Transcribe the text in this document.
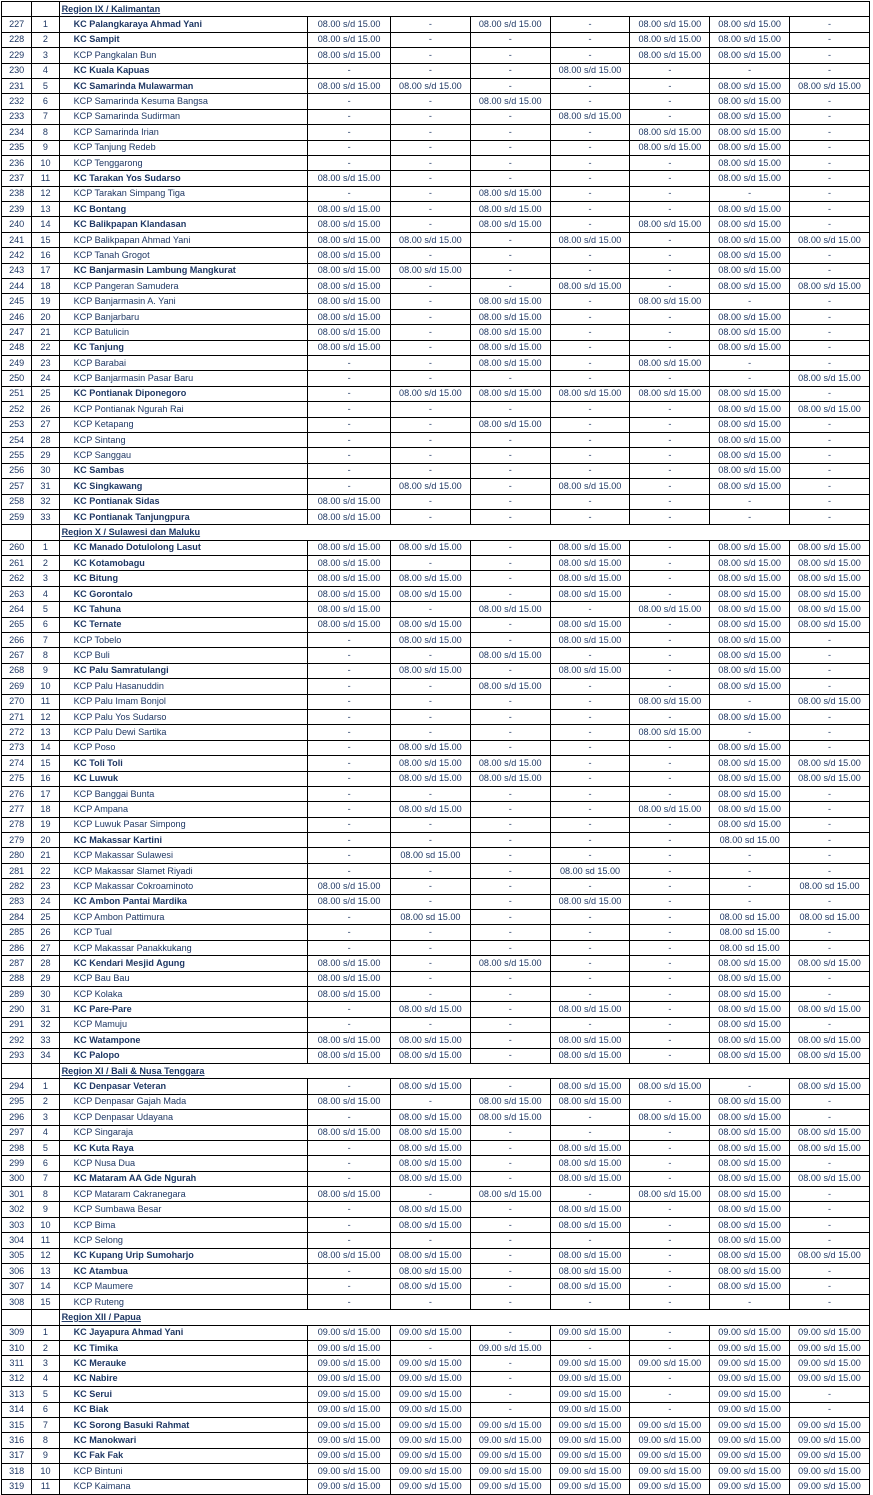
		Region IX / Kalimantan							
227	1	KC Palangkaraya Ahmad Yani	08.00 s/d 15.00	-	08.00 s/d 15.00	-	08.00 s/d 15.00	08.00 s/d 15.00	-
228	2	KC Sampit	08.00 s/d 15.00	-	-	-	08.00 s/d 15.00	08.00 s/d 15.00	-
229	3	KCP Pangkalan Bun	08.00 s/d 15.00	-	-	-	08.00 s/d 15.00	08.00 s/d 15.00	-
230	4	KC Kuala Kapuas	-	-	-	08.00 s/d 15.00	-	-	-
231	5	KC Samarinda Mulawarman	08.00 s/d 15.00	08.00 s/d 15.00	-	-	-	08.00 s/d 15.00	08.00 s/d 15.00
232	6	KCP Samarinda Kesuma Bangsa	-	-	08.00 s/d 15.00	-	-	08.00 s/d 15.00	-
233	7	KCP Samarinda Sudirman	-	-	-	08.00 s/d 15.00	-	08.00 s/d 15.00	-
234	8	KCP Samarinda Irian	-	-	-	-	08.00 s/d 15.00	08.00 s/d 15.00	-
235	9	KCP Tanjung Redeb	-	-	-	-	08.00 s/d 15.00	08.00 s/d 15.00	-
236	10	KCP Tenggarong	-	-	-	-	-	08.00 s/d 15.00	-
237	11	KC Tarakan Yos Sudarso	08.00 s/d 15.00	-	-	-	-	08.00 s/d 15.00	-
238	12	KCP Tarakan Simpang Tiga	-	-	08.00 s/d 15.00	-	-	-	-
239	13	KC Bontang	08.00 s/d 15.00	-	08.00 s/d 15.00	-	-	08.00 s/d 15.00	-
240	14	KC Balikpapan Klandasan	08.00 s/d 15.00	-	08.00 s/d 15.00	-	08.00 s/d 15.00	08.00 s/d 15.00	-
241	15	KCP Balikpapan Ahmad Yani	08.00 s/d 15.00	08.00 s/d 15.00	-	08.00 s/d 15.00	-	08.00 s/d 15.00	08.00 s/d 15.00
242	16	KCP Tanah Grogot	08.00 s/d 15.00	-	-	-	-	08.00 s/d 15.00	-
243	17	KC Banjarmasin Lambung Mangkurat	08.00 s/d 15.00	08.00 s/d 15.00	-	-	-	08.00 s/d 15.00	-
244	18	KCP Pangeran Samudera	08.00 s/d 15.00	-	-	08.00 s/d 15.00	-	08.00 s/d 15.00	08.00 s/d 15.00
245	19	KCP Banjarmasin A. Yani	08.00 s/d 15.00	-	08.00 s/d 15.00	-	08.00 s/d 15.00	-	-
246	20	KCP Banjarbaru	08.00 s/d 15.00	-	08.00 s/d 15.00	-	-	08.00 s/d 15.00	-
247	21	KCP Batulicin	08.00 s/d 15.00	-	08.00 s/d 15.00	-	-	08.00 s/d 15.00	-
248	22	KC Tanjung	08.00 s/d 15.00	-	08.00 s/d 15.00	-	-	08.00 s/d 15.00	-
249	23	KCP Barabai	-	-	08.00 s/d 15.00	-	08.00 s/d 15.00	-	-
250	24	KCP Banjarmasin Pasar Baru	-	-	-	-	-	-	08.00 s/d 15.00
251	25	KC Pontianak Diponegoro	-	08.00 s/d 15.00	08.00 s/d 15.00	08.00 s/d 15.00	08.00 s/d 15.00	08.00 s/d 15.00	-
252	26	KCP Pontianak Ngurah Rai	-	-	-	-	-	08.00 s/d 15.00	08.00 s/d 15.00
253	27	KCP Ketapang	-	-	08.00 s/d 15.00	-	-	08.00 s/d 15.00	-
254	28	KCP Sintang	-	-	-	-	-	08.00 s/d 15.00	-
255	29	KCP Sanggau	-	-	-	-	-	08.00 s/d 15.00	-
256	30	KC Sambas	-	-	-	-	-	08.00 s/d 15.00	-
257	31	KC Singkawang	-	08.00 s/d 15.00	-	08.00 s/d 15.00	-	08.00 s/d 15.00	-
258	32	KC Pontianak Sidas	08.00 s/d 15.00	-	-	-	-	-	-
259	33	KC Pontianak Tanjungpura	08.00 s/d 15.00	-	-	-	-	-	-
		Region X / Sulawesi dan Maluku							
260	1	KC Manado Dotulolong Lasut	08.00 s/d 15.00	08.00 s/d 15.00	-	08.00 s/d 15.00	-	08.00 s/d 15.00	08.00 s/d 15.00
261	2	KC Kotamobagu	08.00 s/d 15.00	-	-	08.00 s/d 15.00	-	08.00 s/d 15.00	08.00 s/d 15.00
262	3	KC Bitung	08.00 s/d 15.00	08.00 s/d 15.00	-	08.00 s/d 15.00	-	08.00 s/d 15.00	08.00 s/d 15.00
263	4	KC Gorontalo	08.00 s/d 15.00	08.00 s/d 15.00	-	08.00 s/d 15.00	-	08.00 s/d 15.00	08.00 s/d 15.00
264	5	KC Tahuna	08.00 s/d 15.00	-	08.00 s/d 15.00	-	08.00 s/d 15.00	08.00 s/d 15.00	08.00 s/d 15.00
265	6	KC Ternate	08.00 s/d 15.00	08.00 s/d 15.00	-	08.00 s/d 15.00	-	08.00 s/d 15.00	08.00 s/d 15.00
266	7	KCP Tobelo	-	08.00 s/d 15.00	-	08.00 s/d 15.00	-	08.00 s/d 15.00	-
267	8	KCP Buli	-	-	08.00 s/d 15.00	-	-	08.00 s/d 15.00	-
268	9	KC Palu Samratulangi	-	08.00 s/d 15.00	-	08.00 s/d 15.00	-	08.00 s/d 15.00	-
269	10	KCP Palu Hasanuddin	-	-	08.00 s/d 15.00	-	-	08.00 s/d 15.00	-
270	11	KCP Palu Imam Bonjol	-	-	-	-	08.00 s/d 15.00	-	08.00 s/d 15.00
271	12	KCP Palu Yos Sudarso	-	-	-	-	-	08.00 s/d 15.00	-
272	13	KCP Palu Dewi Sartika	-	-	-	-	08.00 s/d 15.00	-	-
273	14	KCP Poso	-	08.00 s/d 15.00	-	-	-	08.00 s/d 15.00	-
274	15	KC Toli Toli	-	08.00 s/d 15.00	08.00 s/d 15.00	-	-	08.00 s/d 15.00	08.00 s/d 15.00
275	16	KC Luwuk	-	08.00 s/d 15.00	08.00 s/d 15.00	-	-	08.00 s/d 15.00	08.00 s/d 15.00
276	17	KCP Banggai Bunta	-	-	-	-	-	08.00 s/d 15.00	-
277	18	KCP Ampana	-	08.00 s/d 15.00	-	-	08.00 s/d 15.00	08.00 s/d 15.00	-
278	19	KCP Luwuk Pasar Simpong	-	-	-	-	-	08.00 s/d 15.00	-
279	20	KC Makassar Kartini	-	-	-	-	-	08.00 sd 15.00	-
280	21	KCP Makassar Sulawesi	-	08.00 sd 15.00	-	-	-	-	-
281	22	KCP Makassar Slamet Riyadi	-	-	-	08.00 sd 15.00	-	-	-
282	23	KCP Makassar Cokroaminoto	08.00 s/d 15.00	-	-	-	-	-	08.00 sd 15.00
283	24	KC Ambon Pantai Mardika	08.00 s/d 15.00	-	-	08.00 s/d 15.00	-	-	-
284	25	KCP Ambon Pattimura	-	08.00 sd 15.00	-	-	-	08.00 sd 15.00	08.00 sd 15.00
285	26	KCP Tual	-	-	-	-	-	08.00 sd 15.00	-
286	27	KCP Makassar Panakkukang	-	-	-	-	-	08.00 sd 15.00	-
287	28	KC Kendari Mesjid Agung	08.00 s/d 15.00	-	08.00 s/d 15.00	-	-	08.00 s/d 15.00	08.00 s/d 15.00
288	29	KCP Bau Bau	08.00 s/d 15.00	-	-	-	-	08.00 s/d 15.00	-
289	30	KCP Kolaka	08.00 s/d 15.00	-	-	-	-	08.00 s/d 15.00	-
290	31	KC Pare-Pare	-	08.00 s/d 15.00	-	08.00 s/d 15.00	-	08.00 s/d 15.00	08.00 s/d 15.00
291	32	KCP Mamuju	-	-	-	-	-	08.00 s/d 15.00	-
292	33	KC Watampone	08.00 s/d 15.00	08.00 s/d 15.00	-	08.00 s/d 15.00	-	08.00 s/d 15.00	08.00 s/d 15.00
293	34	KC Palopo	08.00 s/d 15.00	08.00 s/d 15.00	-	08.00 s/d 15.00	-	08.00 s/d 15.00	08.00 s/d 15.00
		Region XI / Bali & Nusa Tenggara							
294	1	KC Denpasar Veteran	-	08.00 s/d 15.00	-	08.00 s/d 15.00	08.00 s/d 15.00	-	08.00 s/d 15.00
295	2	KCP Denpasar Gajah Mada	08.00 s/d 15.00	-	08.00 s/d 15.00	08.00 s/d 15.00	-	08.00 s/d 15.00	-
296	3	KCP Denpasar Udayana	-	08.00 s/d 15.00	08.00 s/d 15.00	-	08.00 s/d 15.00	08.00 s/d 15.00	-
297	4	KCP Singaraja	08.00 s/d 15.00	08.00 s/d 15.00	-	-	-	08.00 s/d 15.00	08.00 s/d 15.00
298	5	KC Kuta Raya	-	08.00 s/d 15.00	-	08.00 s/d 15.00	-	08.00 s/d 15.00	08.00 s/d 15.00
299	6	KCP Nusa Dua	-	08.00 s/d 15.00	-	08.00 s/d 15.00	-	08.00 s/d 15.00	-
300	7	KC Mataram AA Gde Ngurah	-	08.00 s/d 15.00	-	08.00 s/d 15.00	-	08.00 s/d 15.00	08.00 s/d 15.00
301	8	KCP Mataram Cakranegara	08.00 s/d 15.00	-	08.00 s/d 15.00	-	08.00 s/d 15.00	08.00 s/d 15.00	-
302	9	KCP Sumbawa Besar	-	08.00 s/d 15.00	-	08.00 s/d 15.00	-	08.00 s/d 15.00	-
303	10	KCP Bima	-	08.00 s/d 15.00	-	08.00 s/d 15.00	-	08.00 s/d 15.00	-
304	11	KCP Selong	-	-	-	-	-	08.00 s/d 15.00	-
305	12	KC Kupang Urip Sumoharjo	08.00 s/d 15.00	08.00 s/d 15.00	-	08.00 s/d 15.00	-	08.00 s/d 15.00	08.00 s/d 15.00
306	13	KC Atambua	-	08.00 s/d 15.00	-	08.00 s/d 15.00	-	08.00 s/d 15.00	-
307	14	KCP Maumere	-	08.00 s/d 15.00	-	08.00 s/d 15.00	-	08.00 s/d 15.00	-
308	15	KCP Ruteng	-	-	-	-	-	-	-
		Region XII / Papua							
309	1	KC Jayapura Ahmad Yani	09.00 s/d 15.00	09.00 s/d 15.00	-	09.00 s/d 15.00	-	09.00 s/d 15.00	09.00 s/d 15.00
310	2	KC Timika	09.00 s/d 15.00	-	09.00 s/d 15.00	-	-	09.00 s/d 15.00	09.00 s/d 15.00
311	3	KC Merauke	09.00 s/d 15.00	09.00 s/d 15.00	-	09.00 s/d 15.00	09.00 s/d 15.00	09.00 s/d 15.00	09.00 s/d 15.00
312	4	KC Nabire	09.00 s/d 15.00	09.00 s/d 15.00	-	09.00 s/d 15.00	-	09.00 s/d 15.00	09.00 s/d 15.00
313	5	KC Serui	09.00 s/d 15.00	09.00 s/d 15.00	-	09.00 s/d 15.00	-	09.00 s/d 15.00	-
314	6	KC Biak	09.00 s/d 15.00	09.00 s/d 15.00	-	09.00 s/d 15.00	-	09.00 s/d 15.00	-
315	7	KC Sorong Basuki Rahmat	09.00 s/d 15.00	09.00 s/d 15.00	09.00 s/d 15.00	09.00 s/d 15.00	09.00 s/d 15.00	09.00 s/d 15.00	09.00 s/d 15.00
316	8	KC Manokwari	09.00 s/d 15.00	09.00 s/d 15.00	09.00 s/d 15.00	09.00 s/d 15.00	09.00 s/d 15.00	09.00 s/d 15.00	09.00 s/d 15.00
317	9	KC Fak Fak	09.00 s/d 15.00	09.00 s/d 15.00	09.00 s/d 15.00	09.00 s/d 15.00	09.00 s/d 15.00	09.00 s/d 15.00	09.00 s/d 15.00
318	10	KCP Bintuni	09.00 s/d 15.00	09.00 s/d 15.00	09.00 s/d 15.00	09.00 s/d 15.00	09.00 s/d 15.00	09.00 s/d 15.00	09.00 s/d 15.00
319	11	KCP Kaimana	09.00 s/d 15.00	09.00 s/d 15.00	09.00 s/d 15.00	09.00 s/d 15.00	09.00 s/d 15.00	09.00 s/d 15.00	09.00 s/d 15.00
